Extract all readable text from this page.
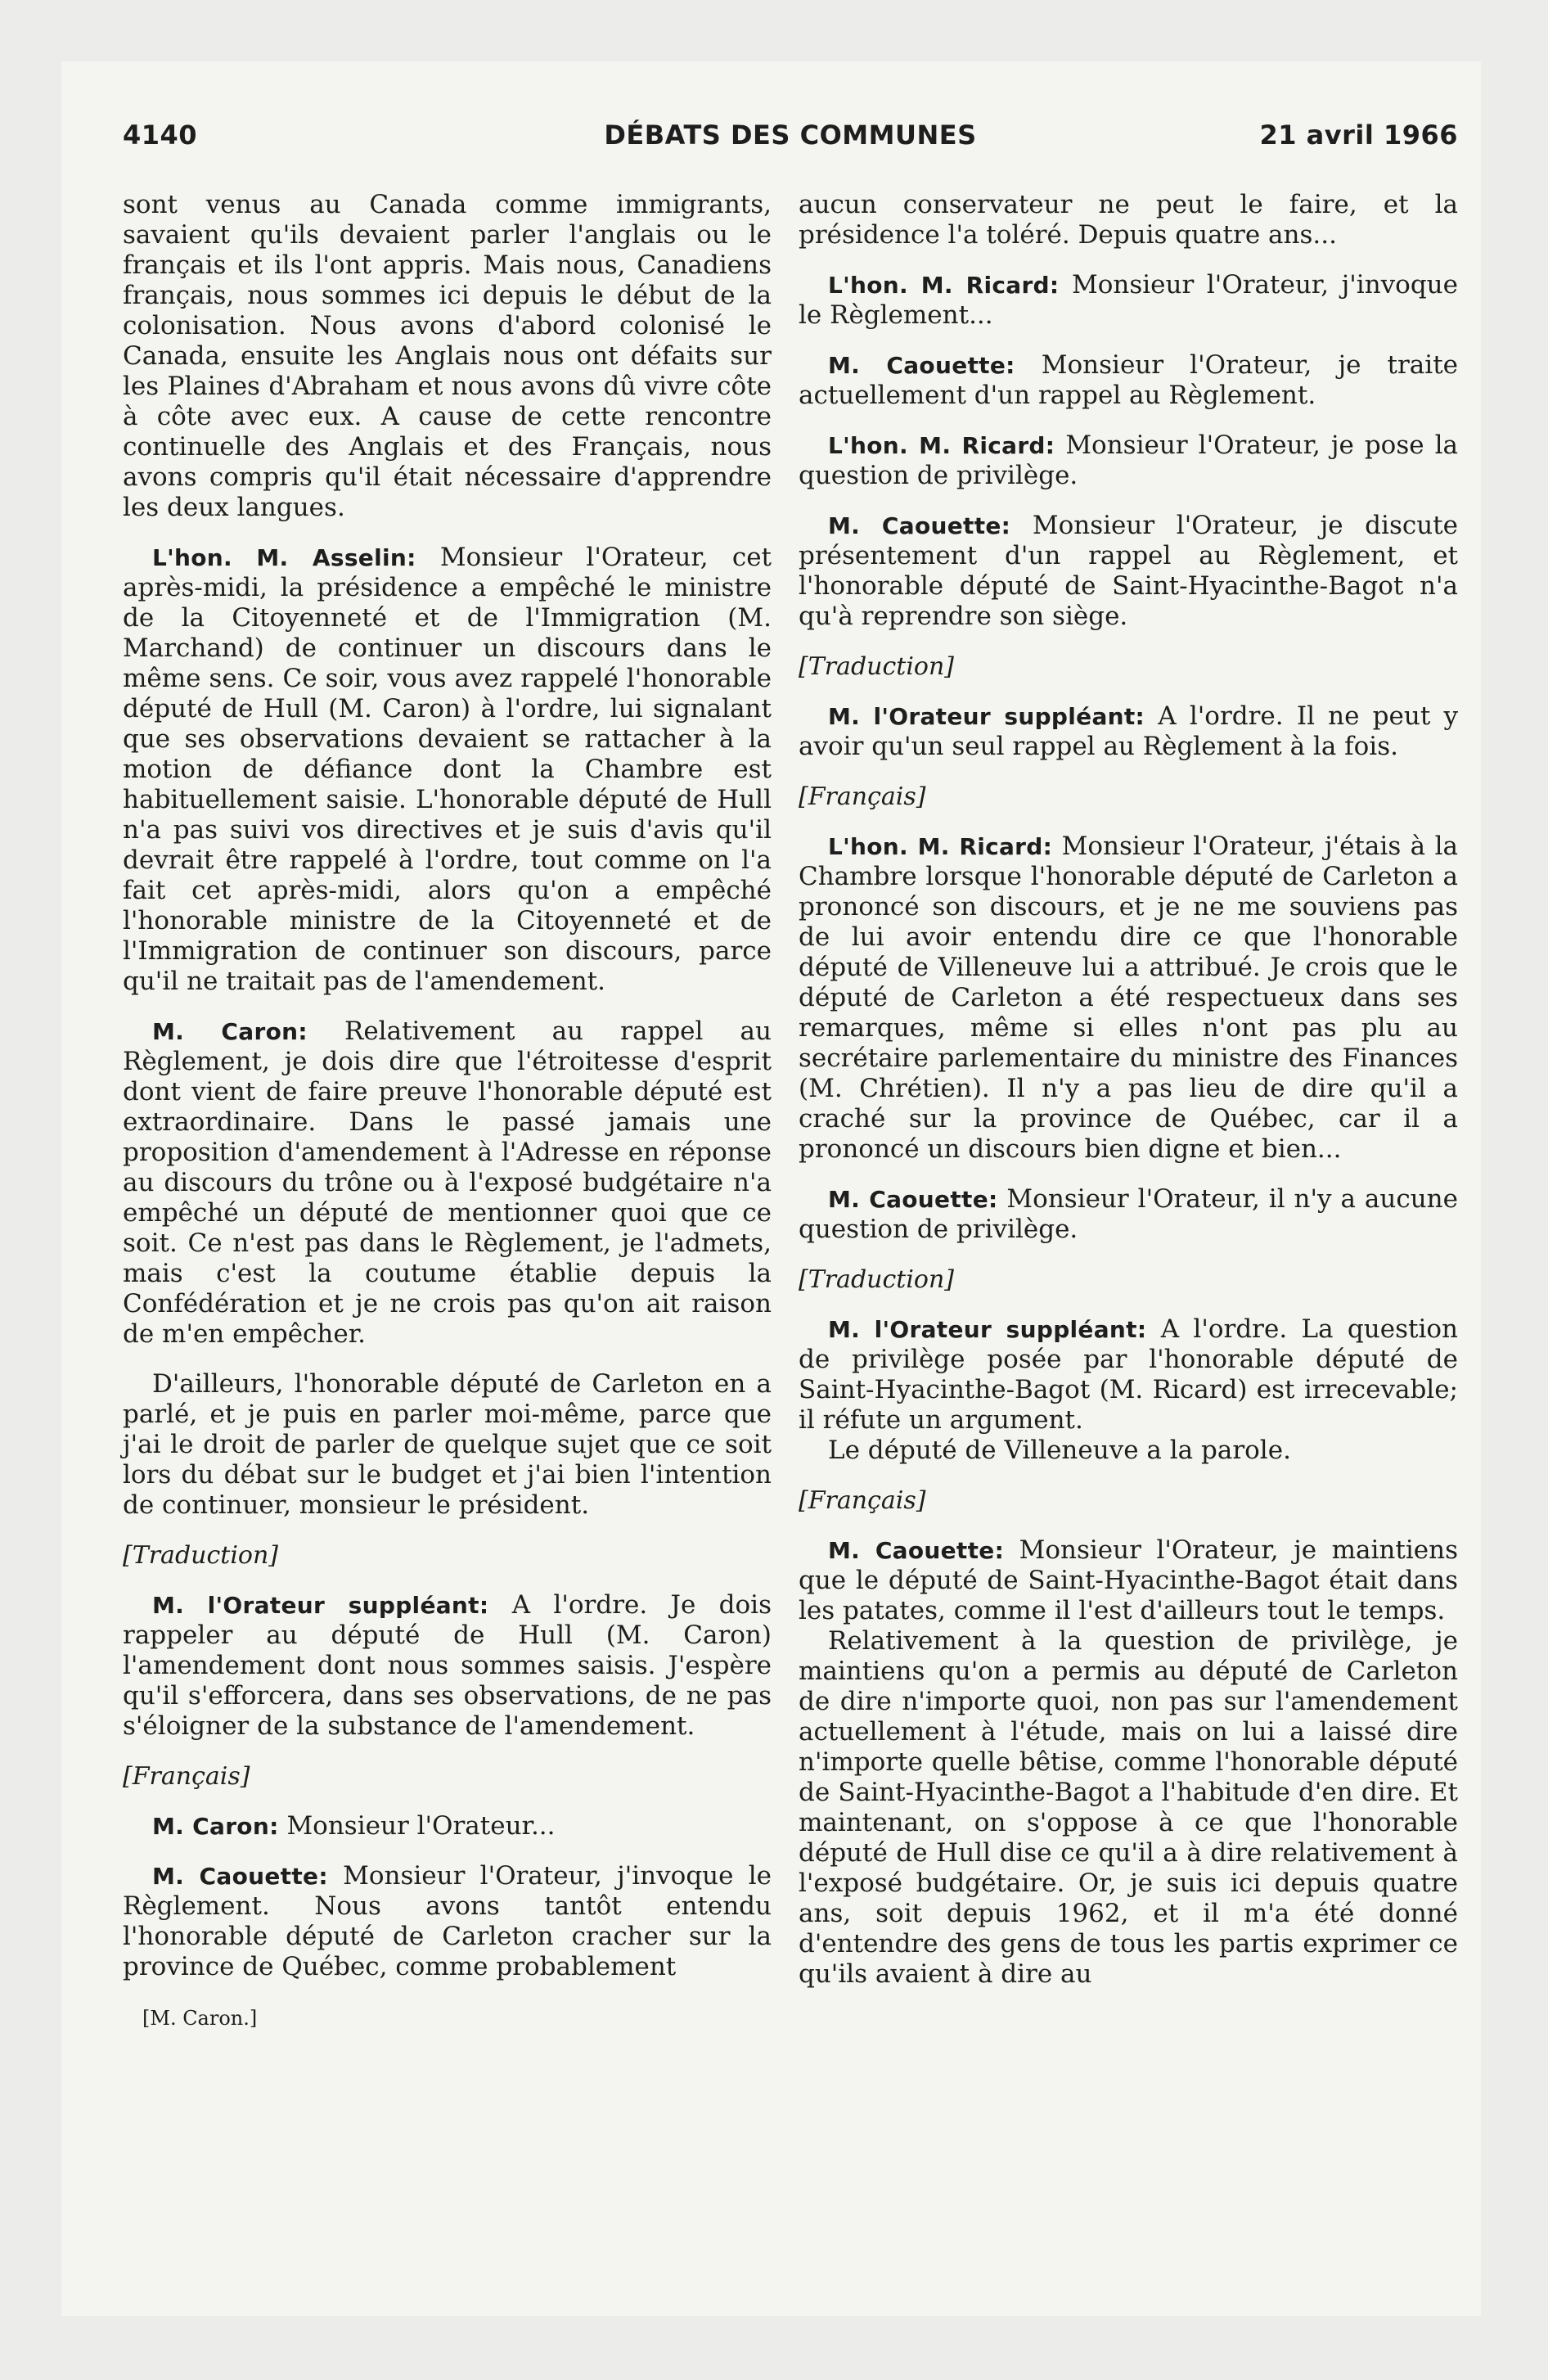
4140	DÉBATS DES COMMUNES	21 avril 1966

sont venus au Canada comme immigrants, savaient qu'ils devaient parler l'anglais ou le français et ils l'ont appris. Mais nous, Canadiens français, nous sommes ici depuis le début de la colonisation. Nous avons d'abord colonisé le Canada, ensuite les Anglais nous ont défaits sur les Plaines d'Abraham et nous avons dû vivre côte à côte avec eux. A cause de cette rencontre continuelle des Anglais et des Français, nous avons compris qu'il était nécessaire d'apprendre les deux langues.

L'hon. M. Asselin: Monsieur l'Orateur, cet après-midi, la présidence a empêché le ministre de la Citoyenneté et de l'Immigration (M. Marchand) de continuer un discours dans le même sens. Ce soir, vous avez rappelé l'honorable député de Hull (M. Caron) à l'ordre, lui signalant que ses observations devaient se rattacher à la motion de défiance dont la Chambre est habituellement saisie. L'honorable député de Hull n'a pas suivi vos directives et je suis d'avis qu'il devrait être rappelé à l'ordre, tout comme on l'a fait cet après-midi, alors qu'on a empêché l'honorable ministre de la Citoyenneté et de l'Immigration de continuer son discours, parce qu'il ne traitait pas de l'amendement.

M. Caron: Relativement au rappel au Règlement, je dois dire que l'étroitesse d'esprit dont vient de faire preuve l'honorable député est extraordinaire. Dans le passé jamais une proposition d'amendement à l'Adresse en réponse au discours du trône ou à l'exposé budgétaire n'a empêché un député de mentionner quoi que ce soit. Ce n'est pas dans le Règlement, je l'admets, mais c'est la coutume établie depuis la Confédération et je ne crois pas qu'on ait raison de m'en empêcher.

D'ailleurs, l'honorable député de Carleton en a parlé, et je puis en parler moi-même, parce que j'ai le droit de parler de quelque sujet que ce soit lors du débat sur le budget et j'ai bien l'intention de continuer, monsieur le président.

[Traduction]

M. l'Orateur suppléant: A l'ordre. Je dois rappeler au député de Hull (M. Caron) l'amendement dont nous sommes saisis. J'espère qu'il s'efforcera, dans ses observations, de ne pas s'éloigner de la substance de l'amendement.

[Français]

M. Caron: Monsieur l'Orateur...

M. Caouette: Monsieur l'Orateur, j'invoque le Règlement. Nous avons tantôt entendu l'honorable député de Carleton cracher sur la province de Québec, comme probablement

[M. Caron.]

aucun conservateur ne peut le faire, et la présidence l'a toléré. Depuis quatre ans...

L'hon. M. Ricard: Monsieur l'Orateur, j'invoque le Règlement...

M. Caouette: Monsieur l'Orateur, je traite actuellement d'un rappel au Règlement.

L'hon. M. Ricard: Monsieur l'Orateur, je pose la question de privilège.

M. Caouette: Monsieur l'Orateur, je discute présentement d'un rappel au Règlement, et l'honorable député de Saint-Hyacinthe-Bagot n'a qu'à reprendre son siège.

[Traduction]

M. l'Orateur suppléant: A l'ordre. Il ne peut y avoir qu'un seul rappel au Règlement à la fois.

[Français]

L'hon. M. Ricard: Monsieur l'Orateur, j'étais à la Chambre lorsque l'honorable député de Carleton a prononcé son discours, et je ne me souviens pas de lui avoir entendu dire ce que l'honorable député de Villeneuve lui a attribué. Je crois que le député de Carleton a été respectueux dans ses remarques, même si elles n'ont pas plu au secrétaire parlementaire du ministre des Finances (M. Chrétien). Il n'y a pas lieu de dire qu'il a craché sur la province de Québec, car il a prononcé un discours bien digne et bien...

M. Caouette: Monsieur l'Orateur, il n'y a aucune question de privilège.

[Traduction]

M. l'Orateur suppléant: A l'ordre. La question de privilège posée par l'honorable député de Saint-Hyacinthe-Bagot (M. Ricard) est irrecevable; il réfute un argument.

Le député de Villeneuve a la parole.

[Français]

M. Caouette: Monsieur l'Orateur, je maintiens que le député de Saint-Hyacinthe-Bagot était dans les patates, comme il l'est d'ailleurs tout le temps.

Relativement à la question de privilège, je maintiens qu'on a permis au député de Carleton de dire n'importe quoi, non pas sur l'amendement actuellement à l'étude, mais on lui a laissé dire n'importe quelle bêtise, comme l'honorable député de Saint-Hyacinthe-Bagot a l'habitude d'en dire. Et maintenant, on s'oppose à ce que l'honorable député de Hull dise ce qu'il a à dire relativement à l'exposé budgétaire. Or, je suis ici depuis quatre ans, soit depuis 1962, et il m'a été donné d'entendre des gens de tous les partis exprimer ce qu'ils avaient à dire au
